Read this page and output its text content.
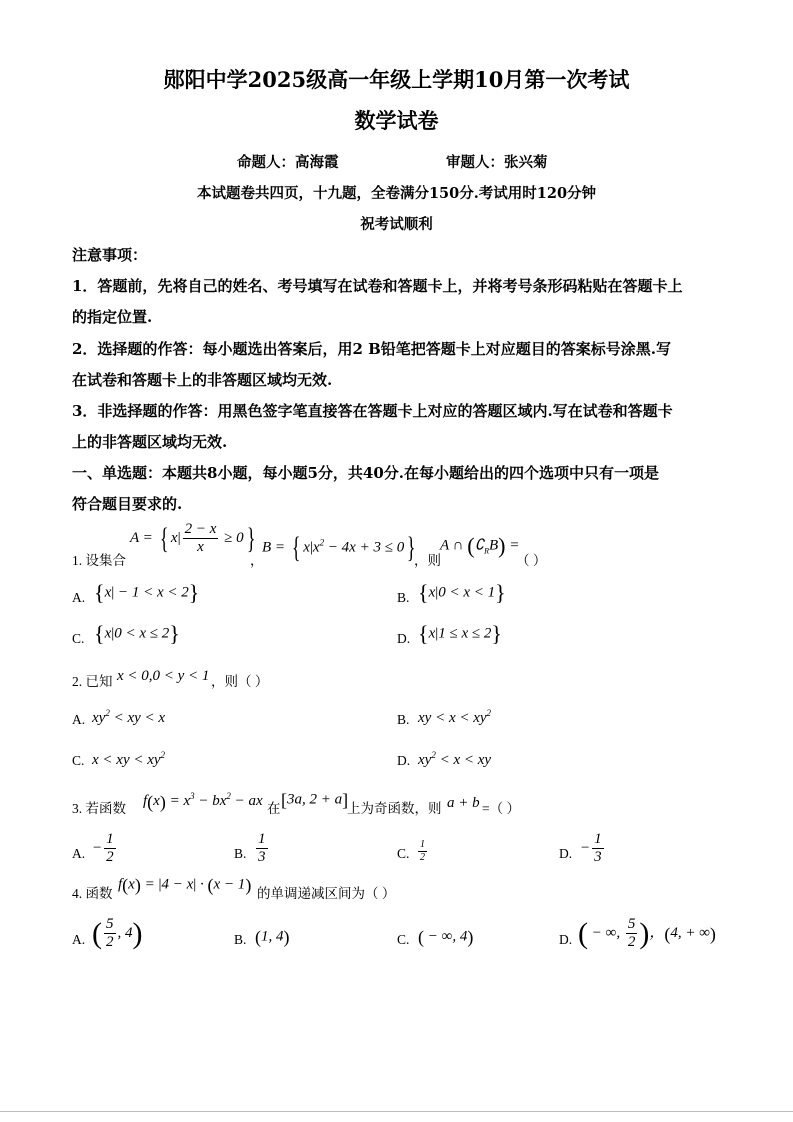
郧阳中学2025级高一年级上学期10月第一次考试
数学试卷
命题人：高海霞	审题人：张兴菊
本试题卷共四页，十九题，全卷满分150分.考试用时120分钟
祝考试顺利
注意事项：
1．答题前，先将自己的姓名、考号填写在试卷和答题卡上，并将考号条形码粘贴在答题卡上
的指定位置.
2．选择题的作答：每小题选出答案后，用2 B铅笔把答题卡上对应题目的答案标号涂黑.写
在试卷和答题卡上的非答题区域均无效.
3．非选择题的作答：用黑色签字笔直接答在答题卡上对应的答题区域内.写在试卷和答题卡
上的非答题区域均无效.
一、单选题：本题共8小题，每小题5分，共40分.在每小题给出的四个选项中只有一项是
符合题目要求的.
1. 设集合
A = { $x| \frac{2 - x}{x} \ge 0$}
，
B = { $x|x^2 - 4x + 3 \le 0$}
，则
A ∩ $(∁_RB)$ =
（ ）
A. {x| − 1 < x < 2}	B. {x|0 < x < 1}
C. {x|0 < x ≤ 2}	D. {x|1 ≤ x ≤ 2}
2. 已知 x < 0,0 < y < 1 ，则（ ）
A. $xy^2$ < xy < x	B. xy < $x < xy^2$
C. x < xy < $xy^2$	D. $xy^2 < x$ < xy
3. 若函数 $f(x) = x^3 - bx^2$ − ax 在 [3a, 2 + a]
上为奇函数，则 a + b =（ ）
A. − $\frac{1}{2}$	B. $\frac{1}{3}$	C. $\frac{1}{2}$	D. − $\frac{1}{3}$
4. 函数
f(x) = |4 − x| · (x − 1) 的单调递减区间为（ ）
A. ( $\frac{5}{2}$ , 4)	B. (1, 4)	C. ( − ∞, 4)	D. ( − ∞, $\frac{5}{2}$ )，(4, + ∞)
